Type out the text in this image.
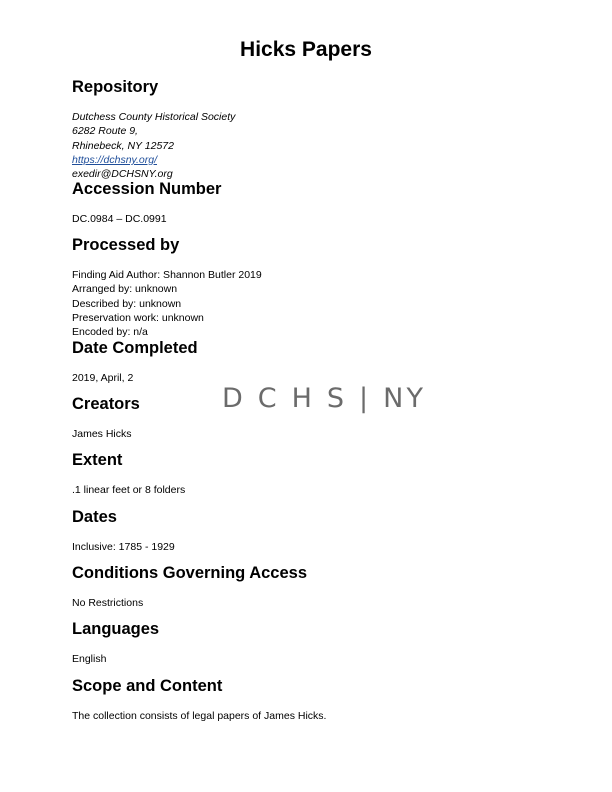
Hicks Papers
D C H S | NY
Repository

Dutchess County Historical Society

6282 Route 9,

Rhinebeck, NY 12572

https://dchsny.org/

exedir@DCHSNY.org

Accession Number

DC.0984 – DC.0991

Processed by

Finding Aid Author: Shannon Butler 2019

Arranged by: unknown

Described by: unknown

Preservation work: unknown

Encoded by: n/a

Date Completed

2019, April, 2

Creators

James Hicks

Extent

.1 linear feet or 8 folders

Dates

Inclusive: 1785 - 1929

Conditions Governing Access

No Restrictions

Languages

English

Scope and Content

The collection consists of legal papers of James Hicks.
